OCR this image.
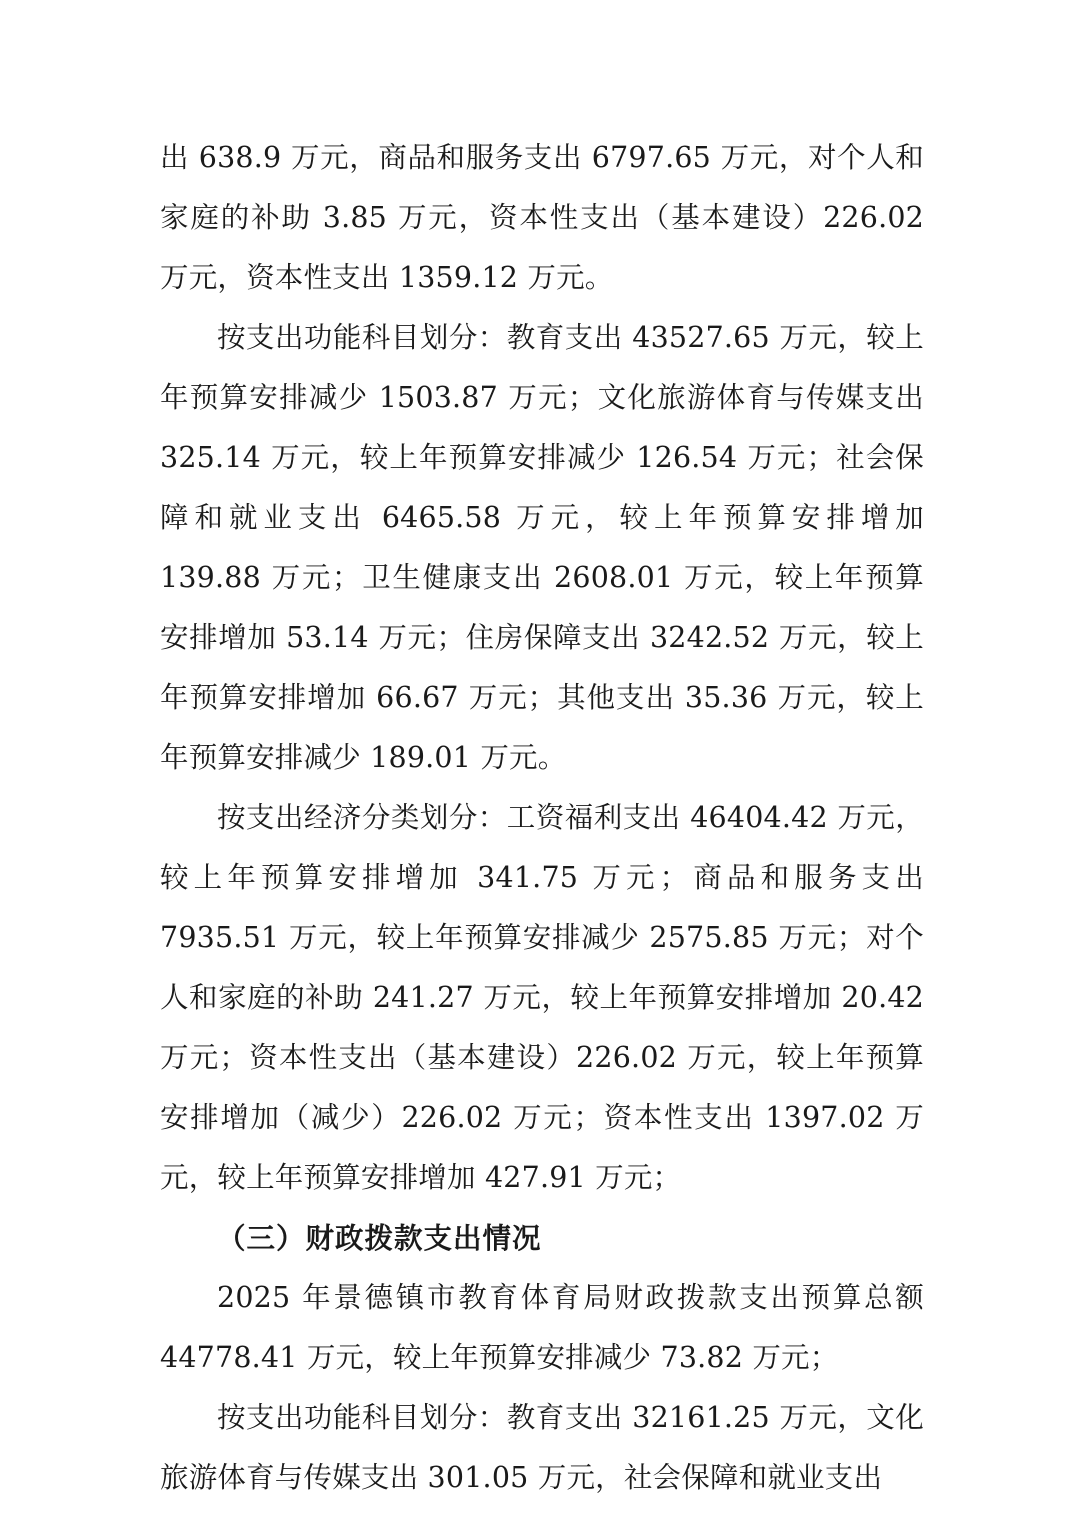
出 638.9 万元，商品和服务支出 6797.65 万元，对个人和家庭的补助 3.85 万元，资本性支出（基本建设）226.02 万元，资本性支出 1359.12 万元。

按支出功能科目划分：教育支出 43527.65 万元，较上年预算安排减少 1503.87 万元；文化旅游体育与传媒支出 325.14 万元，较上年预算安排减少 126.54 万元；社会保障和就业支出 6465.58 万元，较上年预算安排增加 139.88 万元；卫生健康支出 2608.01 万元，较上年预算安排增加 53.14 万元；住房保障支出 3242.52 万元，较上年预算安排增加 66.67 万元；其他支出 35.36 万元，较上年预算安排减少 189.01 万元。

按支出经济分类划分：工资福利支出 46404.42 万元，较上年预算安排增加 341.75 万元；商品和服务支出 7935.51 万元，较上年预算安排减少 2575.85 万元；对个人和家庭的补助 241.27 万元，较上年预算安排增加 20.42 万元；资本性支出（基本建设）226.02 万元，较上年预算安排增加（减少）226.02 万元；资本性支出 1397.02 万元，较上年预算安排增加 427.91 万元；

（三）财政拨款支出情况

2025 年景德镇市教育体育局财政拨款支出预算总额 44778.41 万元，较上年预算安排减少 73.82 万元；

按支出功能科目划分：教育支出 32161.25 万元，文化旅游体育与传媒支出 301.05 万元，社会保障和就业支出
